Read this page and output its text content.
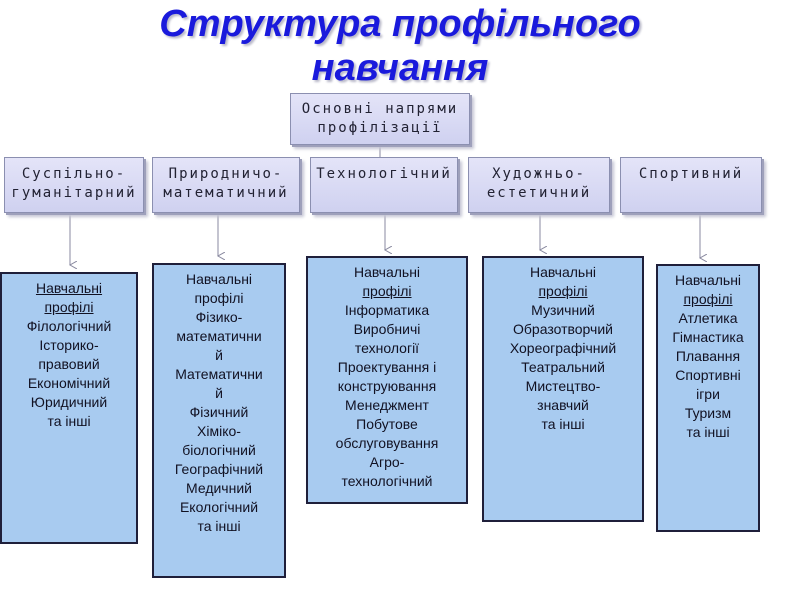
Структура профільного
навчання
Основні напрями
профілізації
Суспільно-
гуманітарний
Природничо-
математичний
Технологічний	Художньо-
естетичний
Спортивний
Навчальні
профілі
Філологічний
Історико-
правовий
Економічний
Юридичний
та інші
Навчальні
профілі
Фізико-
математични
й
Математични
й
Фізичний
Хіміко-
біологічний
Географічний
Медичний
Екологічний
та інші
Навчальні
профілі
Інформатика
Виробничі
технології
Проектування і
конструювання
Менеджмент
Побутове
обслуговування
Агро-
технологічний
Навчальні
профілі
Музичний
Образотворчий
Хореографічний
Театральний
Мистецтво-
знавчий
та інші
Навчальні
профілі
Атлетика
Гімнастика
Плавання
Спортивні
ігри
Туризм
та інші
